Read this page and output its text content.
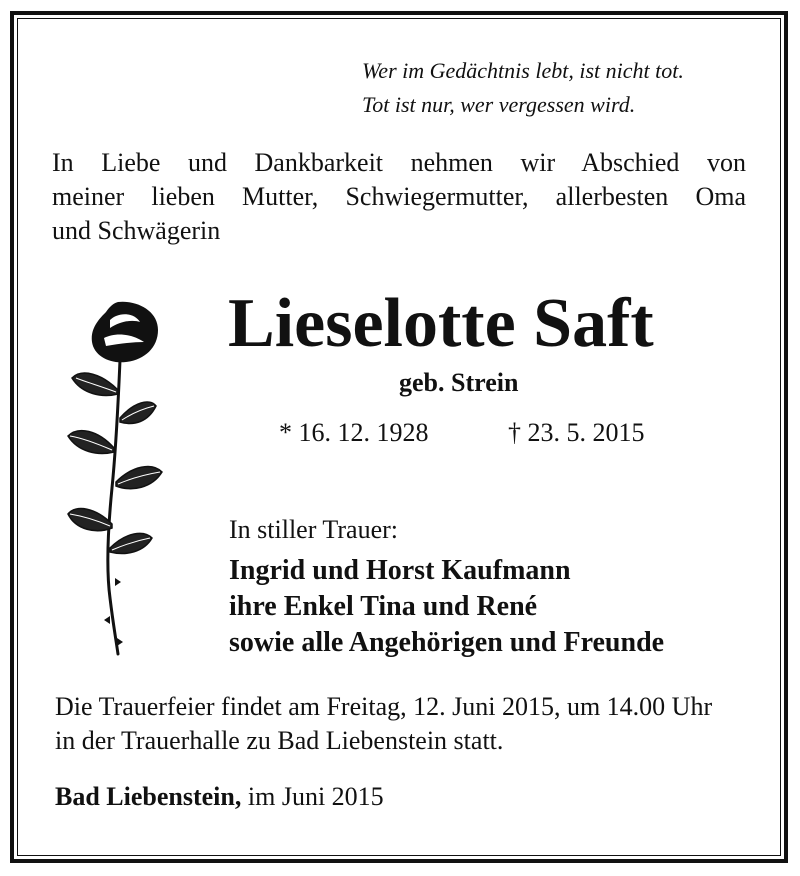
Wer im Gedächtnis lebt, ist nicht tot.
Tot ist nur, wer vergessen wird.
In Liebe und Dankbarkeit nehmen wir Abschied von
meiner lieben Mutter, Schwiegermutter, allerbesten Oma
und Schwägerin
Lieselotte Saft
geb. Strein
* 16. 12. 1928	† 23. 5. 2015
In stiller Trauer:
Ingrid und Horst Kaufmann
ihre Enkel Tina und René
sowie alle Angehörigen und Freunde
Die Trauerfeier findet am Freitag, 12. Juni 2015, um 14.00 Uhr
in der Trauerhalle zu Bad Liebenstein statt.
Bad Liebenstein, im Juni 2015
